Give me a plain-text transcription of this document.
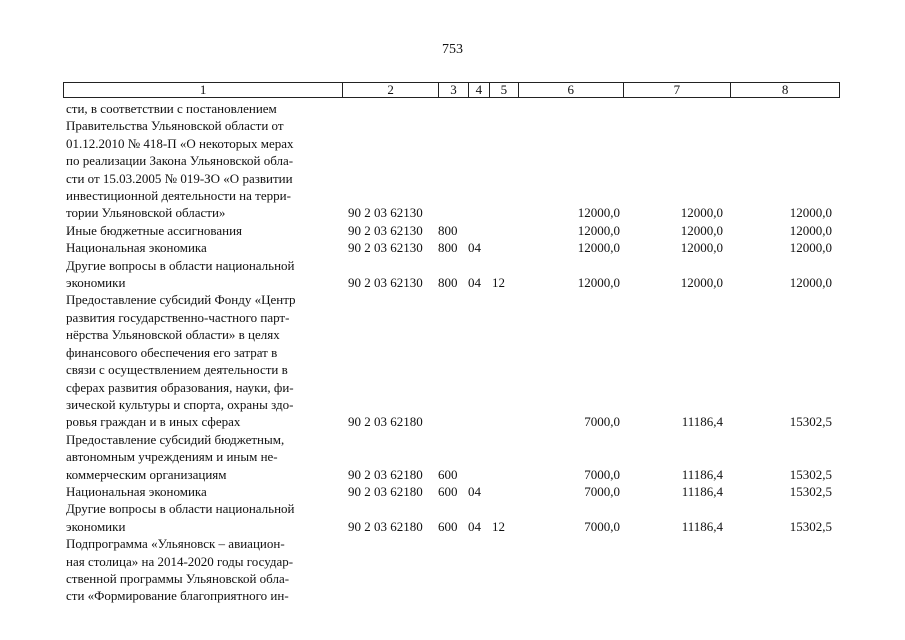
753
1	2	3	4	5	6	7	8
сти, в соответствии с постановлением
Правительства Ульяновской области от
01.12.2010 № 418-П «О некоторых мерах
по реализации Закона Ульяновской обла-
сти от 15.03.2005 № 019-ЗО «О развитии
инвестиционной деятельности на терри-
тории Ульяновской области»	90 2 03 62130	12000,0	12000,0	12000,0
Иные бюджетные ассигнования	90 2 03 62130	800	12000,0	12000,0	12000,0
Национальная экономика	90 2 03 62130	800 04	12000,0	12000,0	12000,0
Другие вопросы в области национальной
экономики	90 2 03 62130	800 04 12	12000,0	12000,0	12000,0
Предоставление субсидий Фонду «Центр
развития государственно-частного парт-
нёрства Ульяновской области» в целях
финансового обеспечения его затрат в
связи с осуществлением деятельности в
сферах развития образования, науки, фи-
зической культуры и спорта, охраны здо-
ровья граждан и в иных сферах	90 2 03 62180	7000,0	11186,4	15302,5
Предоставление субсидий бюджетным,
автономным учреждениям и иным не-
коммерческим организациям	90 2 03 62180	600	7000,0	11186,4	15302,5
Национальная экономика	90 2 03 62180	600 04	7000,0	11186,4	15302,5
Другие вопросы в области национальной
экономики	90 2 03 62180	600 04 12	7000,0	11186,4	15302,5
Подпрограмма «Ульяновск – авиацион-
ная столица» на 2014-2020 годы государ-
ственной программы Ульяновской обла-
сти «Формирование благоприятного ин-
